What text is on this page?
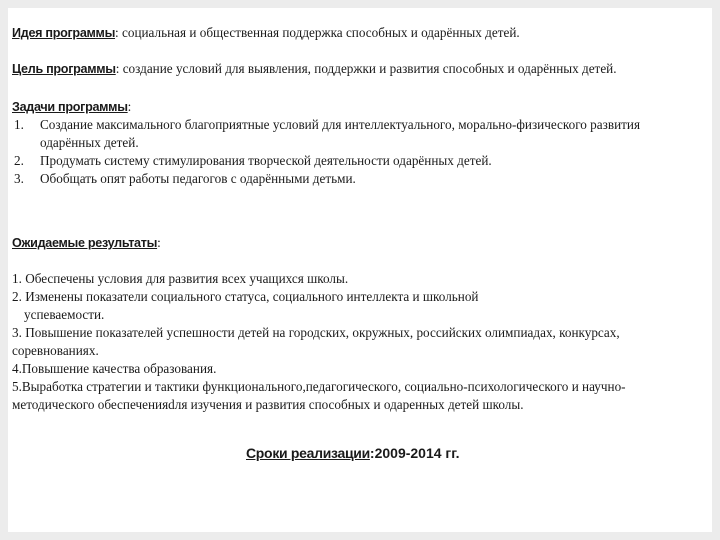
Идея программы: социальная и общественная поддержка способных и одарённых детей.
Цель программы: создание условий для выявления, поддержки и развития способных и одарённых детей.
Задачи программы:
1. Создание максимального благоприятные условий для интеллектуального, морально-физического развития
одарённых детей.
2. Продумать систему стимулирования творческой деятельности одарённых детей.
3. Обобщать опят работы педагогов с одарёнными детьми.
Ожидаемые результаты:
1. Обеспечены условия для развития всех учащихся школы.
2. Изменены показатели социального статуса, социального интеллекта и школьной
успеваемости.
3. Повышение показателей успешности детей на городских, окружных, российских олимпиадах, конкурсах,
соревнованиях.
4.Повышение качества образования.
5.Выработка стратегии и тактики функционального,педагогического, социально-психологического и научно-
методического обеспеченияdля изучения и развития способных и одаренных детей школы.
Сроки реализации:2009-2014 гг.
